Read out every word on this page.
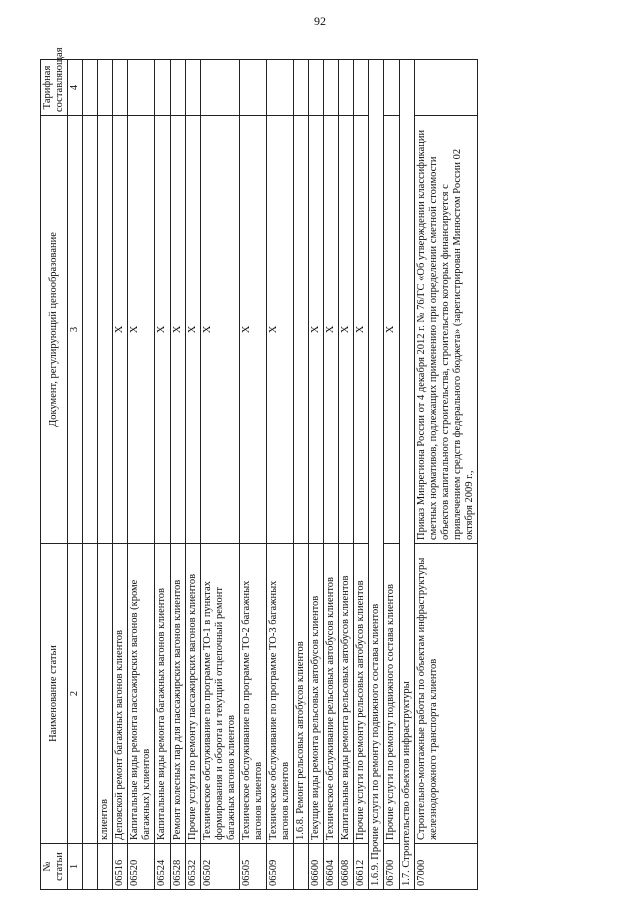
92
№ статьи	Наименование статьи	Документ, регулирующий ценообразование	Тарифная составляющая
1	2	3	4

	клиентов		
06516	Деповской ремонт багажных вагонов клиентов	X	
06520	Капитальные виды ремонта пассажирских вагонов (кроме багажных) клиентов	X	
06524	Капитальные виды ремонта багажных вагонов клиентов	X	
06528	Ремонт колесных пар для пассажирских вагонов клиентов	X	
06532	Прочие услуги по ремонту пассажирских вагонов клиентов	X	
06502	Техническое обслуживание по программе ТО-1 в пунктах формирования и оборота и текущий отцепочный ремонт багажных вагонов клиентов	X	
06505	Техническое обслуживание по программе ТО-2 багажных вагонов клиентов	X	
06509	Техническое обслуживание по программе ТО-3 багажных вагонов клиентов	X	
	1.6.8. Ремонт рельсовых автобусов клиентов		
06600	Текущие виды ремонта рельсовых автобусов клиентов	X	
06604	Техническое обслуживание рельсовых автобусов клиентов	X	
06608	Капитальные виды ремонта рельсовых автобусов клиентов	X	
06612	Прочие услуги по ремонту рельсовых автобусов клиентов	X	
1.6.9. Прочие услуги по ремонту подвижного состава клиентов			
06700	Прочие услуги по ремонту подвижного состава клиентов	X	
1.7. Строительство объектов инфраструктуры			
07000	Строительно-монтажные работы по объектам инфраструктуры железнодорожного транспорта клиентов	Приказ Минрегиона России от 4 декабря 2012 г. № 76/ГС «Об утверждении классификации сметных нормативов, подлежащих применению при определении сметной стоимости объектов капитального строительства, строительство которых финансируется с привлечением средств федерального бюджета» (зарегистрирован Минюстом России 02 октября 2009 г.,	
